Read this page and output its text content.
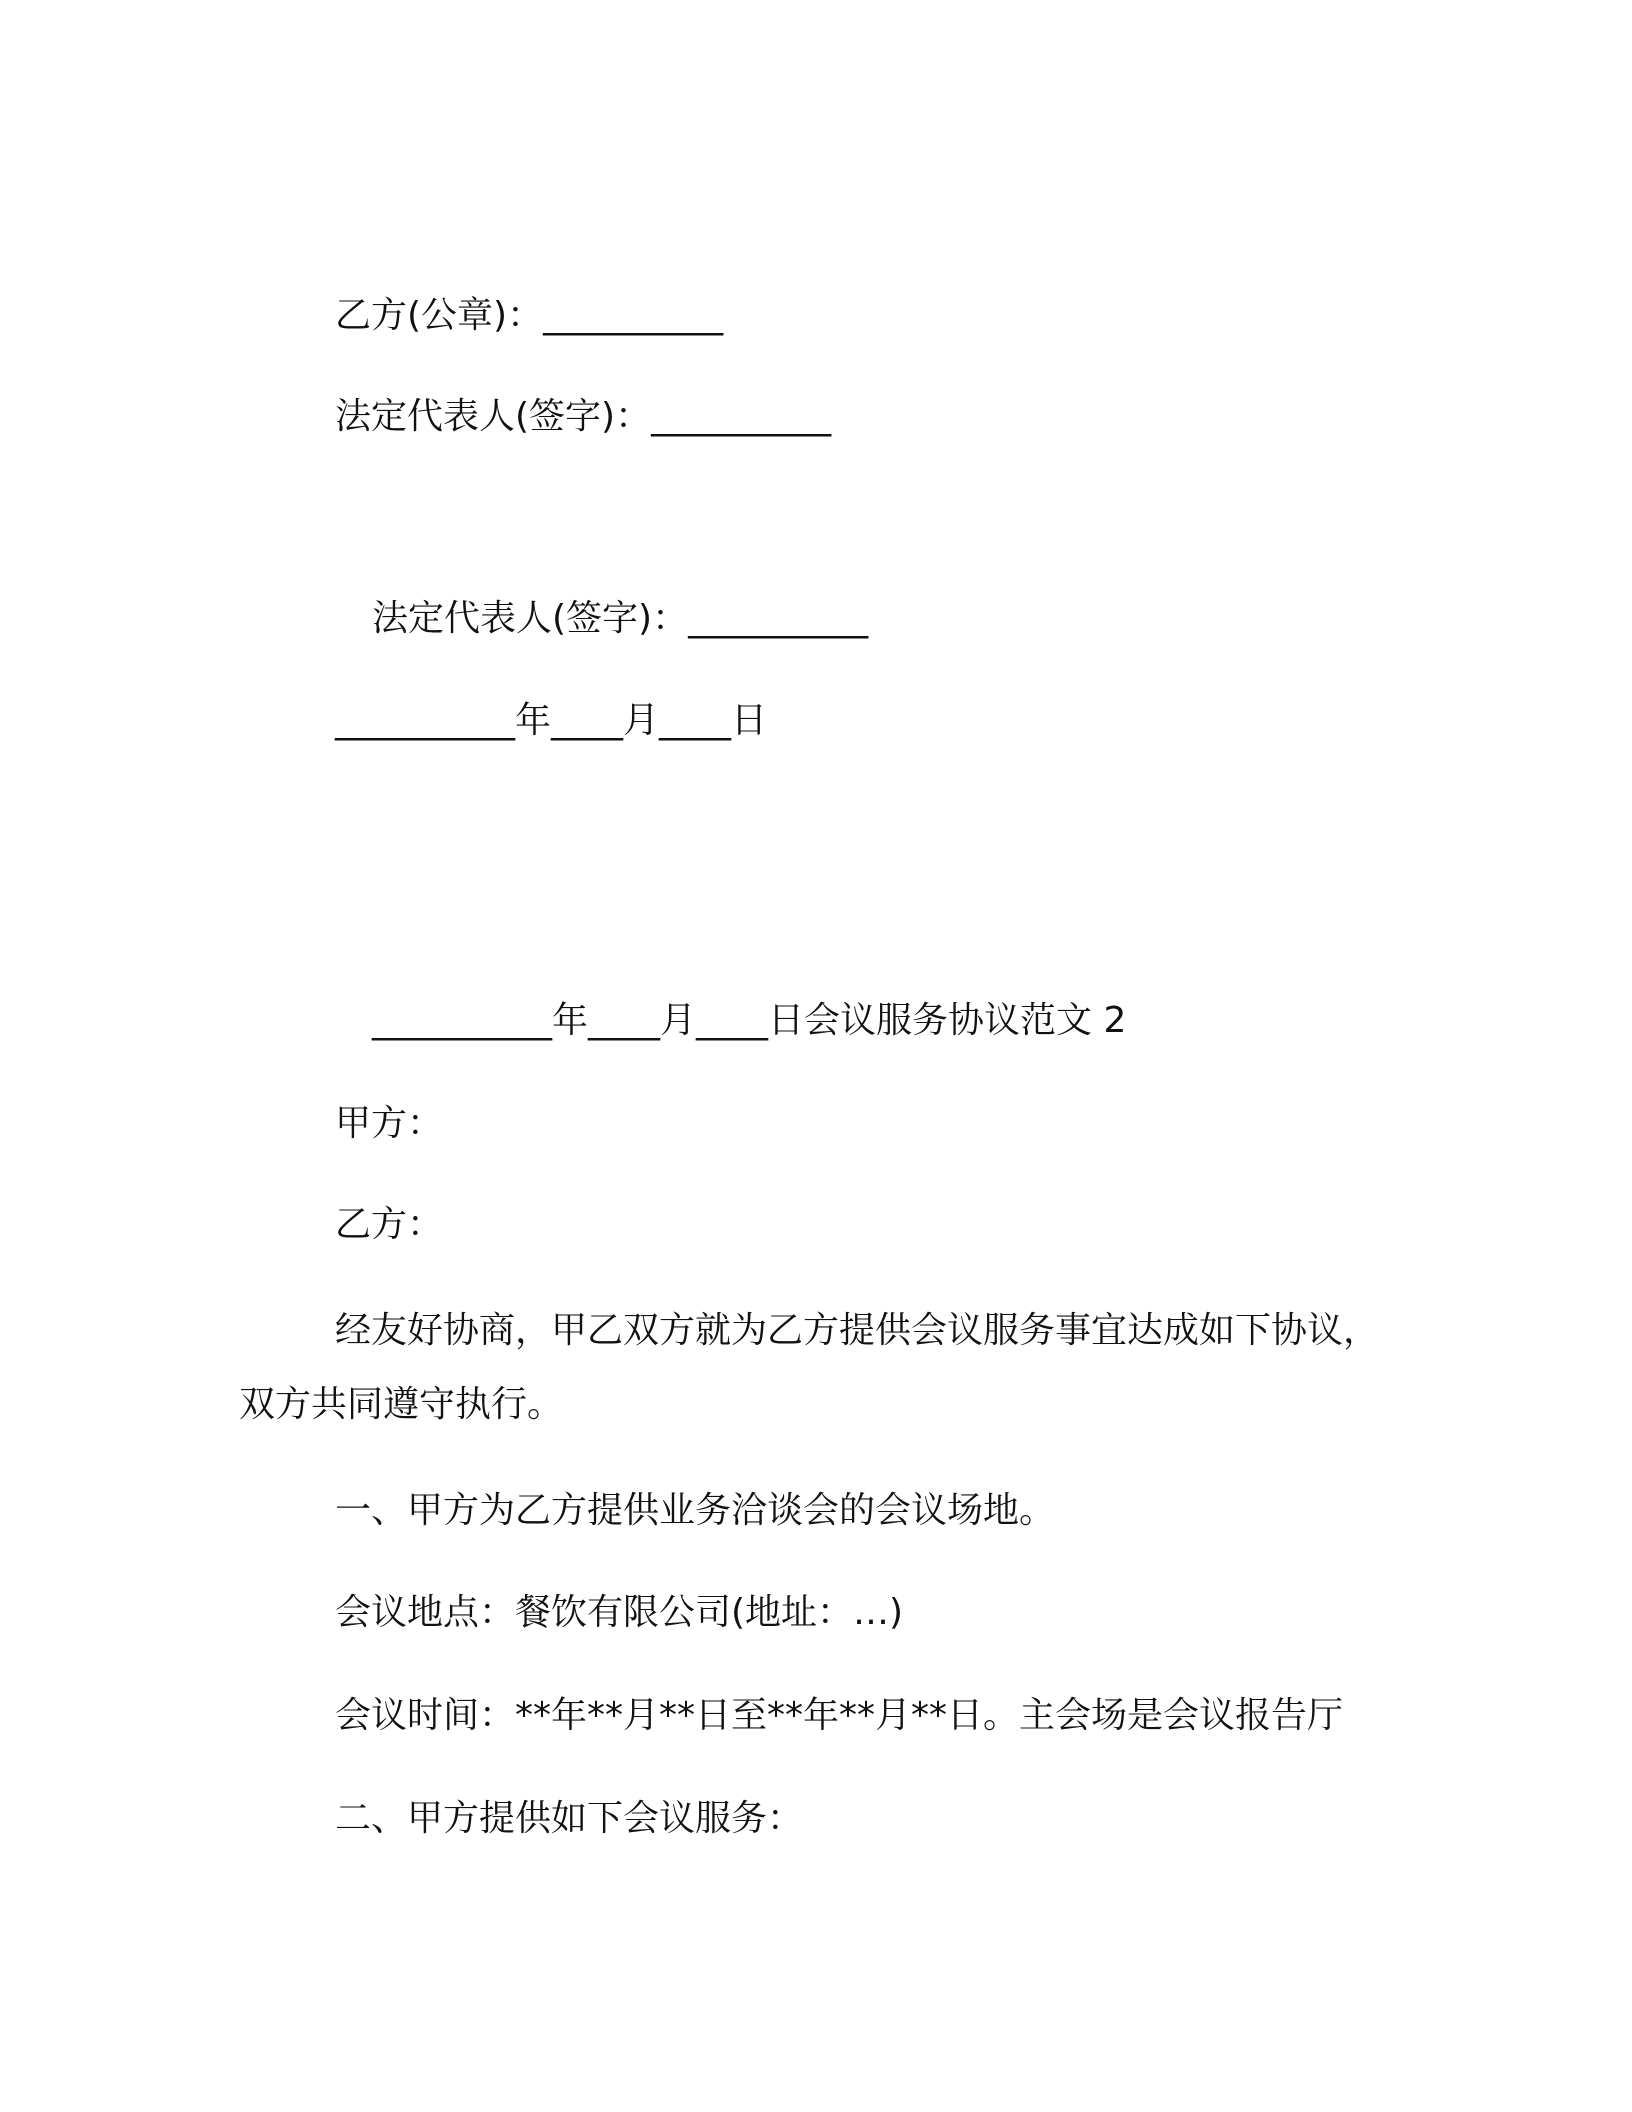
乙方(公章)：__________
法定代表人(签字)：__________
法定代表人(签字)：__________
__________年____月____日
__________年____月____日会议服务协议范文 2
甲方：
乙方：
经友好协商，甲乙双方就为乙方提供会议服务事宜达成如下协议，
双方共同遵守执行。
一、甲方为乙方提供业务洽谈会的会议场地。
会议地点：餐饮有限公司(地址：…)
会议时间：**年**月**日至**年**月**日。主会场是会议报告厅
二、甲方提供如下会议服务：
